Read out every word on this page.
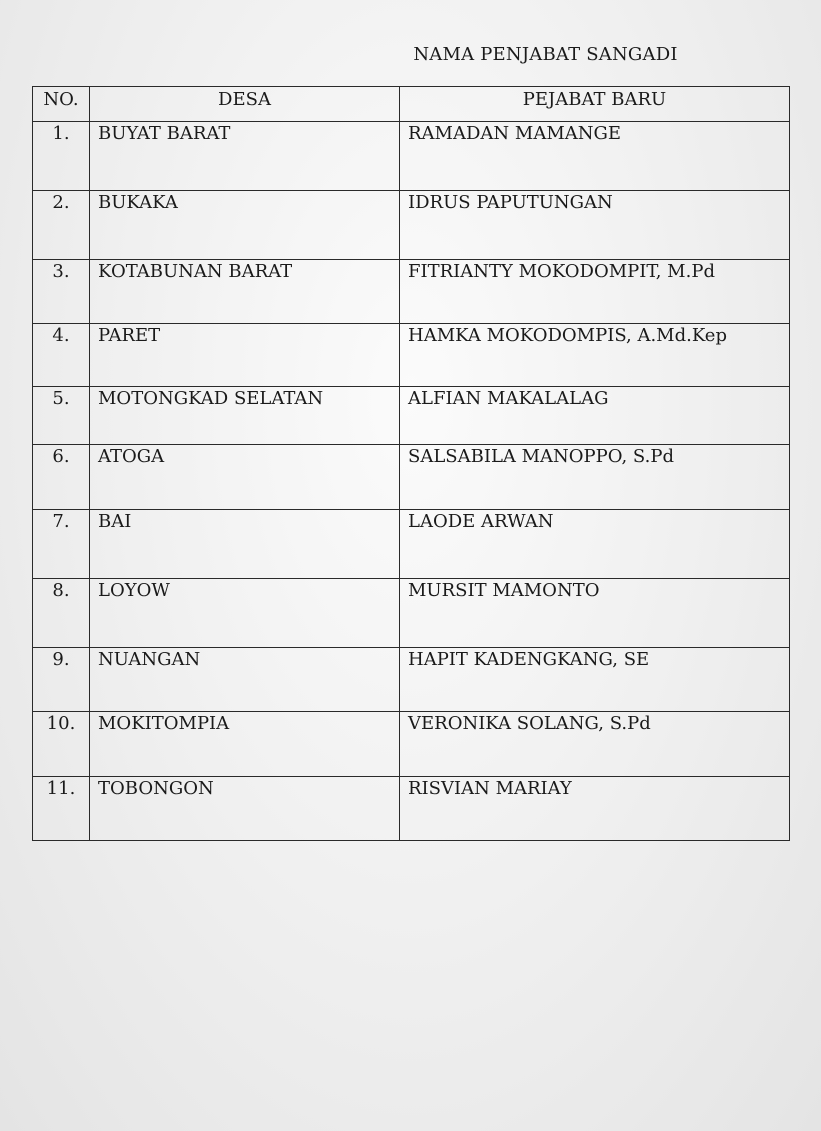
NAMA PENJABAT SANGADI
NO.	DESA	PEJABAT BARU

1.	BUYAT BARAT	RAMADAN MAMANGE

2.	BUKAKA	IDRUS PAPUTUNGAN

3.	KOTABUNAN BARAT	FITRIANTY MOKODOMPIT, M.Pd

4.	PARET	HAMKA MOKODOMPIS, A.Md.Kep

5.	MOTONGKAD SELATAN	ALFIAN MAKALALAG

6.	ATOGA	SALSABILA MANOPPO, S.Pd

7.	BAI	LAODE ARWAN

8.	LOYOW	MURSIT MAMONTO

9.	NUANGAN	HAPIT KADENGKANG, SE

10.	MOKITOMPIA	VERONIKA SOLANG, S.Pd

11.	TOBONGON	RISVIAN MARIAY
